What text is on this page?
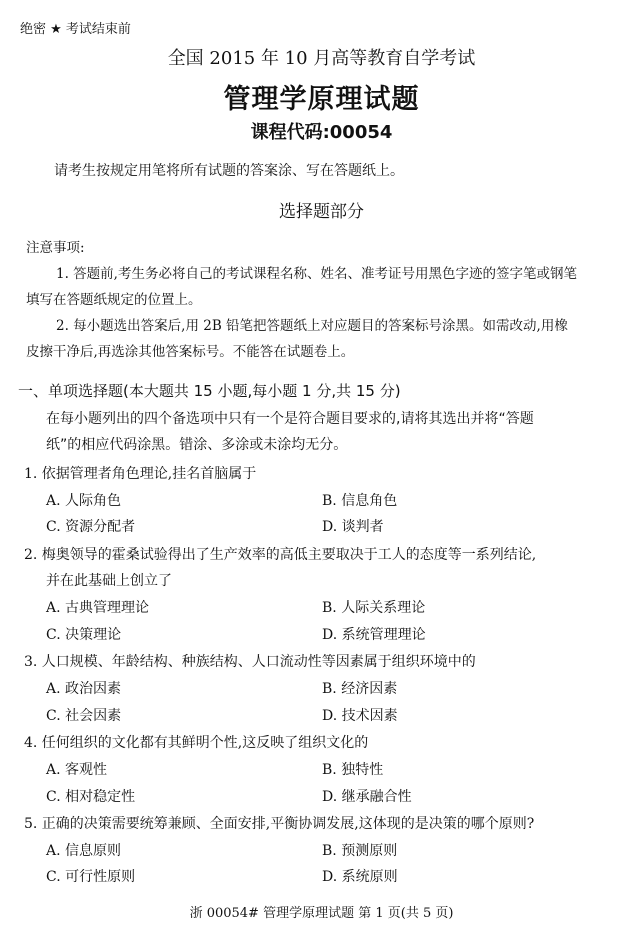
绝密 ★ 考试结束前
全国 2015 年 10 月高等教育自学考试
管理学原理试题
课程代码:00054
请考生按规定用笔将所有试题的答案涂、写在答题纸上。
选择题部分
注意事项:
1. 答题前,考生务必将自己的考试课程名称、姓名、准考证号用黑色字迹的签字笔或钢笔
填写在答题纸规定的位置上。
2. 每小题选出答案后,用 2B 铅笔把答题纸上对应题目的答案标号涂黑。如需改动,用橡
皮擦干净后,再选涂其他答案标号。不能答在试题卷上。
一、单项选择题(本大题共 15 小题,每小题 1 分,共 15 分)
在每小题列出的四个备选项中只有一个是符合题目要求的,请将其选出并将“答题
纸”的相应代码涂黑。错涂、多涂或未涂均无分。
1. 依据管理者角色理论,挂名首脑属于
A. 人际角色	B. 信息角色
C. 资源分配者	D. 谈判者
2. 梅奥领导的霍桑试验得出了生产效率的高低主要取决于工人的态度等一系列结论,
并在此基础上创立了
A. 古典管理理论	B. 人际关系理论
C. 决策理论	D. 系统管理理论
3. 人口规模、年龄结构、种族结构、人口流动性等因素属于组织环境中的
A. 政治因素	B. 经济因素
C. 社会因素	D. 技术因素
4. 任何组织的文化都有其鲜明个性,这反映了组织文化的
A. 客观性	B. 独特性
C. 相对稳定性	D. 继承融合性
5. 正确的决策需要统筹兼顾、全面安排,平衡协调发展,这体现的是决策的哪个原则?
A. 信息原则	B. 预测原则
C. 可行性原则	D. 系统原则
浙 00054# 管理学原理试题 第 1 页(共 5 页)
